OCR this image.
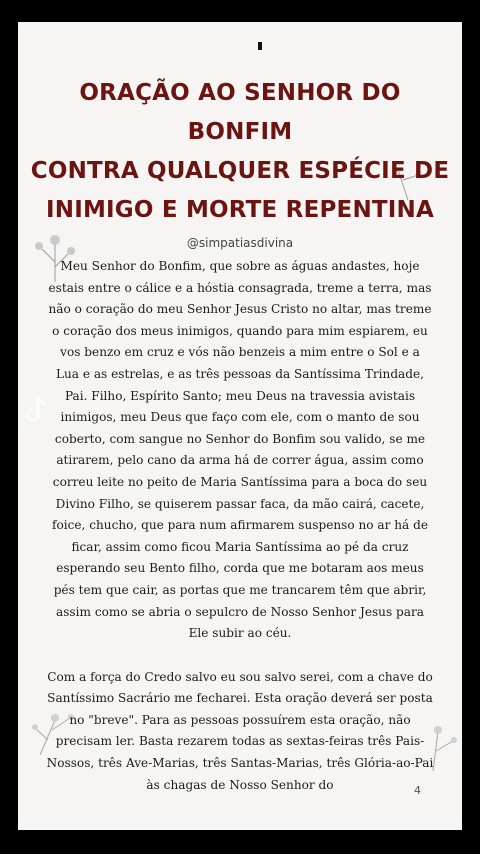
ORAÇÃO AO SENHOR DO BONFIM
CONTRA QUALQUER ESPÉCIE DE
INIMIGO E MORTE REPENTINA
@simpatiasdivina
Meu Senhor do Bonfim, que sobre as águas andastes, hoje
estais entre o cálice e a hóstia consagrada, treme a terra, mas
não o coração do meu Senhor Jesus Cristo no altar, mas treme
o coração dos meus inimigos, quando para mim espiarem, eu
vos benzo em cruz e vós não benzeis a mim entre o Sol e a
Lua e as estrelas, e as três pessoas da Santíssima Trindade,
Pai. Filho, Espírito Santo; meu Deus na travessia avistais
inimigos, meu Deus que faço com ele, com o manto de sou
coberto, com sangue no Senhor do Bonfim sou valido, se me
atirarem, pelo cano da arma há de correr água, assim como
correu leite no peito de Maria Santíssima para a boca do seu
Divino Filho, se quiserem passar faca, da mão cairá, cacete,
foice, chucho, que para num afirmarem suspenso no ar há de
ficar, assim como ficou Maria Santíssima ao pé da cruz
esperando seu Bento filho, corda que me botaram aos meus
pés tem que cair, as portas que me trancarem têm que abrir,
assim como se abria o sepulcro de Nosso Senhor Jesus para
Ele subir ao céu.
Com a força do Credo salvo eu sou salvo serei, com a chave do
Santíssimo Sacrário me fecharei. Esta oração deverá ser posta
no "breve". Para as pessoas possuírem esta oração, não
precisam ler. Basta rezarem todas as sextas-feiras três Pais-
Nossos, três Ave-Marias, três Santas-Marias, três Glória-ao-Pai
às chagas de Nosso Senhor do	4
